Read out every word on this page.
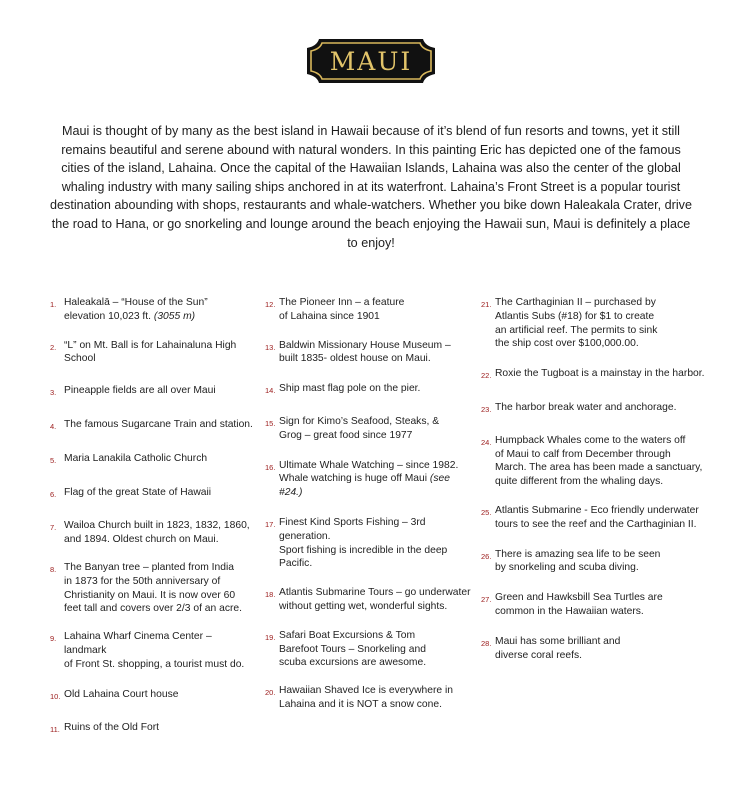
MAUI
Maui is thought of by many as the best island in Hawaii because of it’s blend of fun resorts and towns, yet it still remains beautiful and serene abound with natural wonders. In this painting Eric has depicted one of the famous cities of the island, Lahaina. Once the capital of the Hawaiian Islands, Lahaina was also the center of the global whaling industry with many sailing ships anchored in at its waterfront. Lahaina’s Front Street is a popular tourist destination abounding with shops, restaurants and whale-watchers. Whether you bike down Haleakala Crater, drive the road to Hana, or go snorkeling and lounge around the beach enjoying the Hawaii sun, Maui is definitely a place to enjoy!
1. Haleakalā – “House of the Sun”
elevation 10,023 ft. (3055 m)
2. “L” on Mt. Ball is for Lahainaluna High School
3. Pineapple fields are all over Maui
4. The famous Sugarcane Train and station.
5. Maria Lanakila Catholic Church
6. Flag of the great State of Hawaii
7. Wailoa Church built in 1823, 1832, 1860,
and 1894. Oldest church on Maui.
8. The Banyan tree – planted from India
in 1873 for the 50th anniversary of
Christianity on Maui. It is now over 60
feet tall and covers over 2/3 of an acre.
9. Lahaina Wharf Cinema Center – landmark
of Front St. shopping, a tourist must do.
10. Old Lahaina Court house
11. Ruins of the Old Fort
12. The Pioneer Inn – a feature
of Lahaina since 1901
13. Baldwin Missionary House Museum –
built 1835- oldest house on Maui.
14. Ship mast flag pole on the pier.
15. Sign for Kimo’s Seafood, Steaks, &
Grog – great food since 1977
16. Ultimate Whale Watching – since 1982.
Whale watching is huge off Maui (see #24.)
17. Finest Kind Sports Fishing – 3rd generation.
Sport fishing is incredible in the deep Pacific.
18. Atlantis Submarine Tours – go underwater
without getting wet, wonderful sights.
19. Safari Boat Excursions & Tom
Barefoot Tours – Snorkeling and
scuba excursions are awesome.
20. Hawaiian Shaved Ice is everywhere in
Lahaina and it is NOT a snow cone.
21. The Carthaginian II – purchased by
Atlantis Subs (#18) for $1 to create
an artificial reef. The permits to sink
the ship cost over $100,000.00.
22. Roxie the Tugboat is a mainstay in the harbor.
23. The harbor break water and anchorage.
24. Humpback Whales come to the waters off
of Maui to calf from December through
March. The area has been made a sanctuary,
quite different from the whaling days.
25. Atlantis Submarine - Eco friendly underwater
tours to see the reef and the Carthaginian II.
26. There is amazing sea life to be seen
by snorkeling and scuba diving.
27. Green and Hawksbill Sea Turtles are
common in the Hawaiian waters.
28. Maui has some brilliant and
diverse coral reefs.
